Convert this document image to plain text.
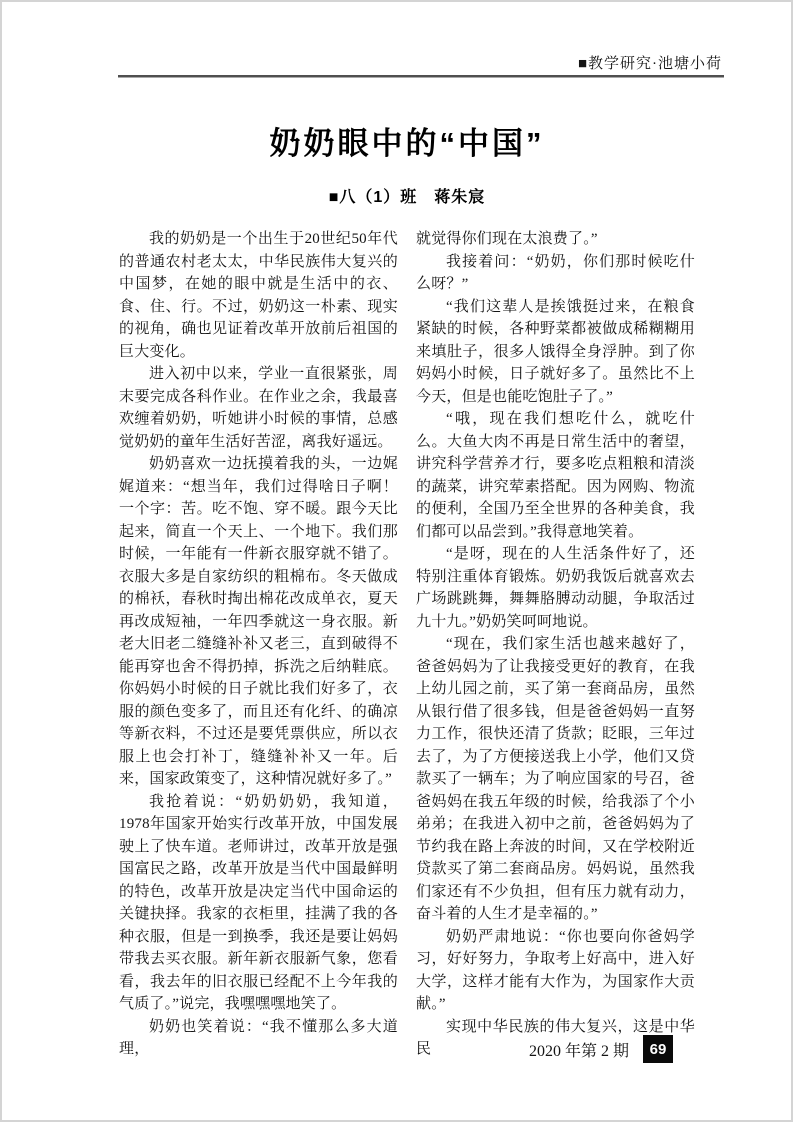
■教学研究·池塘小荷
奶奶眼中的“中国”
■八（1）班　蒋朱宸

我的奶奶是一个出生于20世纪50年代的普通农村老太太，中华民族伟大复兴的中国梦，在她的眼中就是生活中的衣、食、住、行。不过，奶奶这一朴素、现实的视角，确也见证着改革开放前后祖国的巨大变化。

进入初中以来，学业一直很紧张，周末要完成各科作业。在作业之余，我最喜欢缠着奶奶，听她讲小时候的事情，总感觉奶奶的童年生活好苦涩，离我好遥远。

奶奶喜欢一边抚摸着我的头，一边娓娓道来：“想当年，我们过得啥日子啊！一个字：苦。吃不饱、穿不暖。跟今天比起来，简直一个天上、一个地下。我们那时候，一年能有一件新衣服穿就不错了。衣服大多是自家纺织的粗棉布。冬天做成的棉袄，春秋时掏出棉花改成单衣，夏天再改成短袖，一年四季就这一身衣服。新老大旧老二缝缝补补又老三，直到破得不能再穿也舍不得扔掉，拆洗之后纳鞋底。你妈妈小时候的日子就比我们好多了，衣服的颜色变多了，而且还有化纤、的确凉等新衣料，不过还是要凭票供应，所以衣服上也会打补丁，缝缝补补又一年。后来，国家政策变了，这种情况就好多了。”

我抢着说：“奶奶奶奶，我知道，1978年国家开始实行改革开放，中国发展驶上了快车道。老师讲过，改革开放是强国富民之路，改革开放是当代中国最鲜明的特色，改革开放是决定当代中国命运的关键抉择。我家的衣柜里，挂满了我的各种衣服，但是一到换季，我还是要让妈妈带我去买衣服。新年新衣服新气象，您看看，我去年的旧衣服已经配不上今年我的气质了。”说完，我嘿嘿嘿地笑了。

奶奶也笑着说：“我不懂那么多大道理，

就觉得你们现在太浪费了。”

我接着问：“奶奶，你们那时候吃什么呀？”

“我们这辈人是挨饿挺过来，在粮食紧缺的时候，各种野菜都被做成稀糊糊用来填肚子，很多人饿得全身浮肿。到了你妈妈小时候，日子就好多了。虽然比不上今天，但是也能吃饱肚子了。”

“哦，现在我们想吃什么，就吃什么。大鱼大肉不再是日常生活中的奢望，讲究科学营养才行，要多吃点粗粮和清淡的蔬菜，讲究荤素搭配。因为网购、物流的便利，全国乃至全世界的各种美食，我们都可以品尝到。”我得意地笑着。

“是呀，现在的人生活条件好了，还特别注重体育锻炼。奶奶我饭后就喜欢去广场跳跳舞，舞舞胳膊动动腿，争取活过九十九。”奶奶笑呵呵地说。

“现在，我们家生活也越来越好了，爸爸妈妈为了让我接受更好的教育，在我上幼儿园之前，买了第一套商品房，虽然从银行借了很多钱，但是爸爸妈妈一直努力工作，很快还清了货款；眨眼，三年过去了，为了方便接送我上小学，他们又贷款买了一辆车；为了响应国家的号召，爸爸妈妈在我五年级的时候，给我添了个小弟弟；在我进入初中之前，爸爸妈妈为了节约我在路上奔波的时间，又在学校附近贷款买了第二套商品房。妈妈说，虽然我们家还有不少负担，但有压力就有动力，奋斗着的人生才是幸福的。”

奶奶严肃地说：“你也要向你爸妈学习，好好努力，争取考上好高中，进入好大学，这样才能有大作为，为国家作大贡献。”

实现中华民族的伟大复兴，这是中华民	2020 年第 2 期	69
